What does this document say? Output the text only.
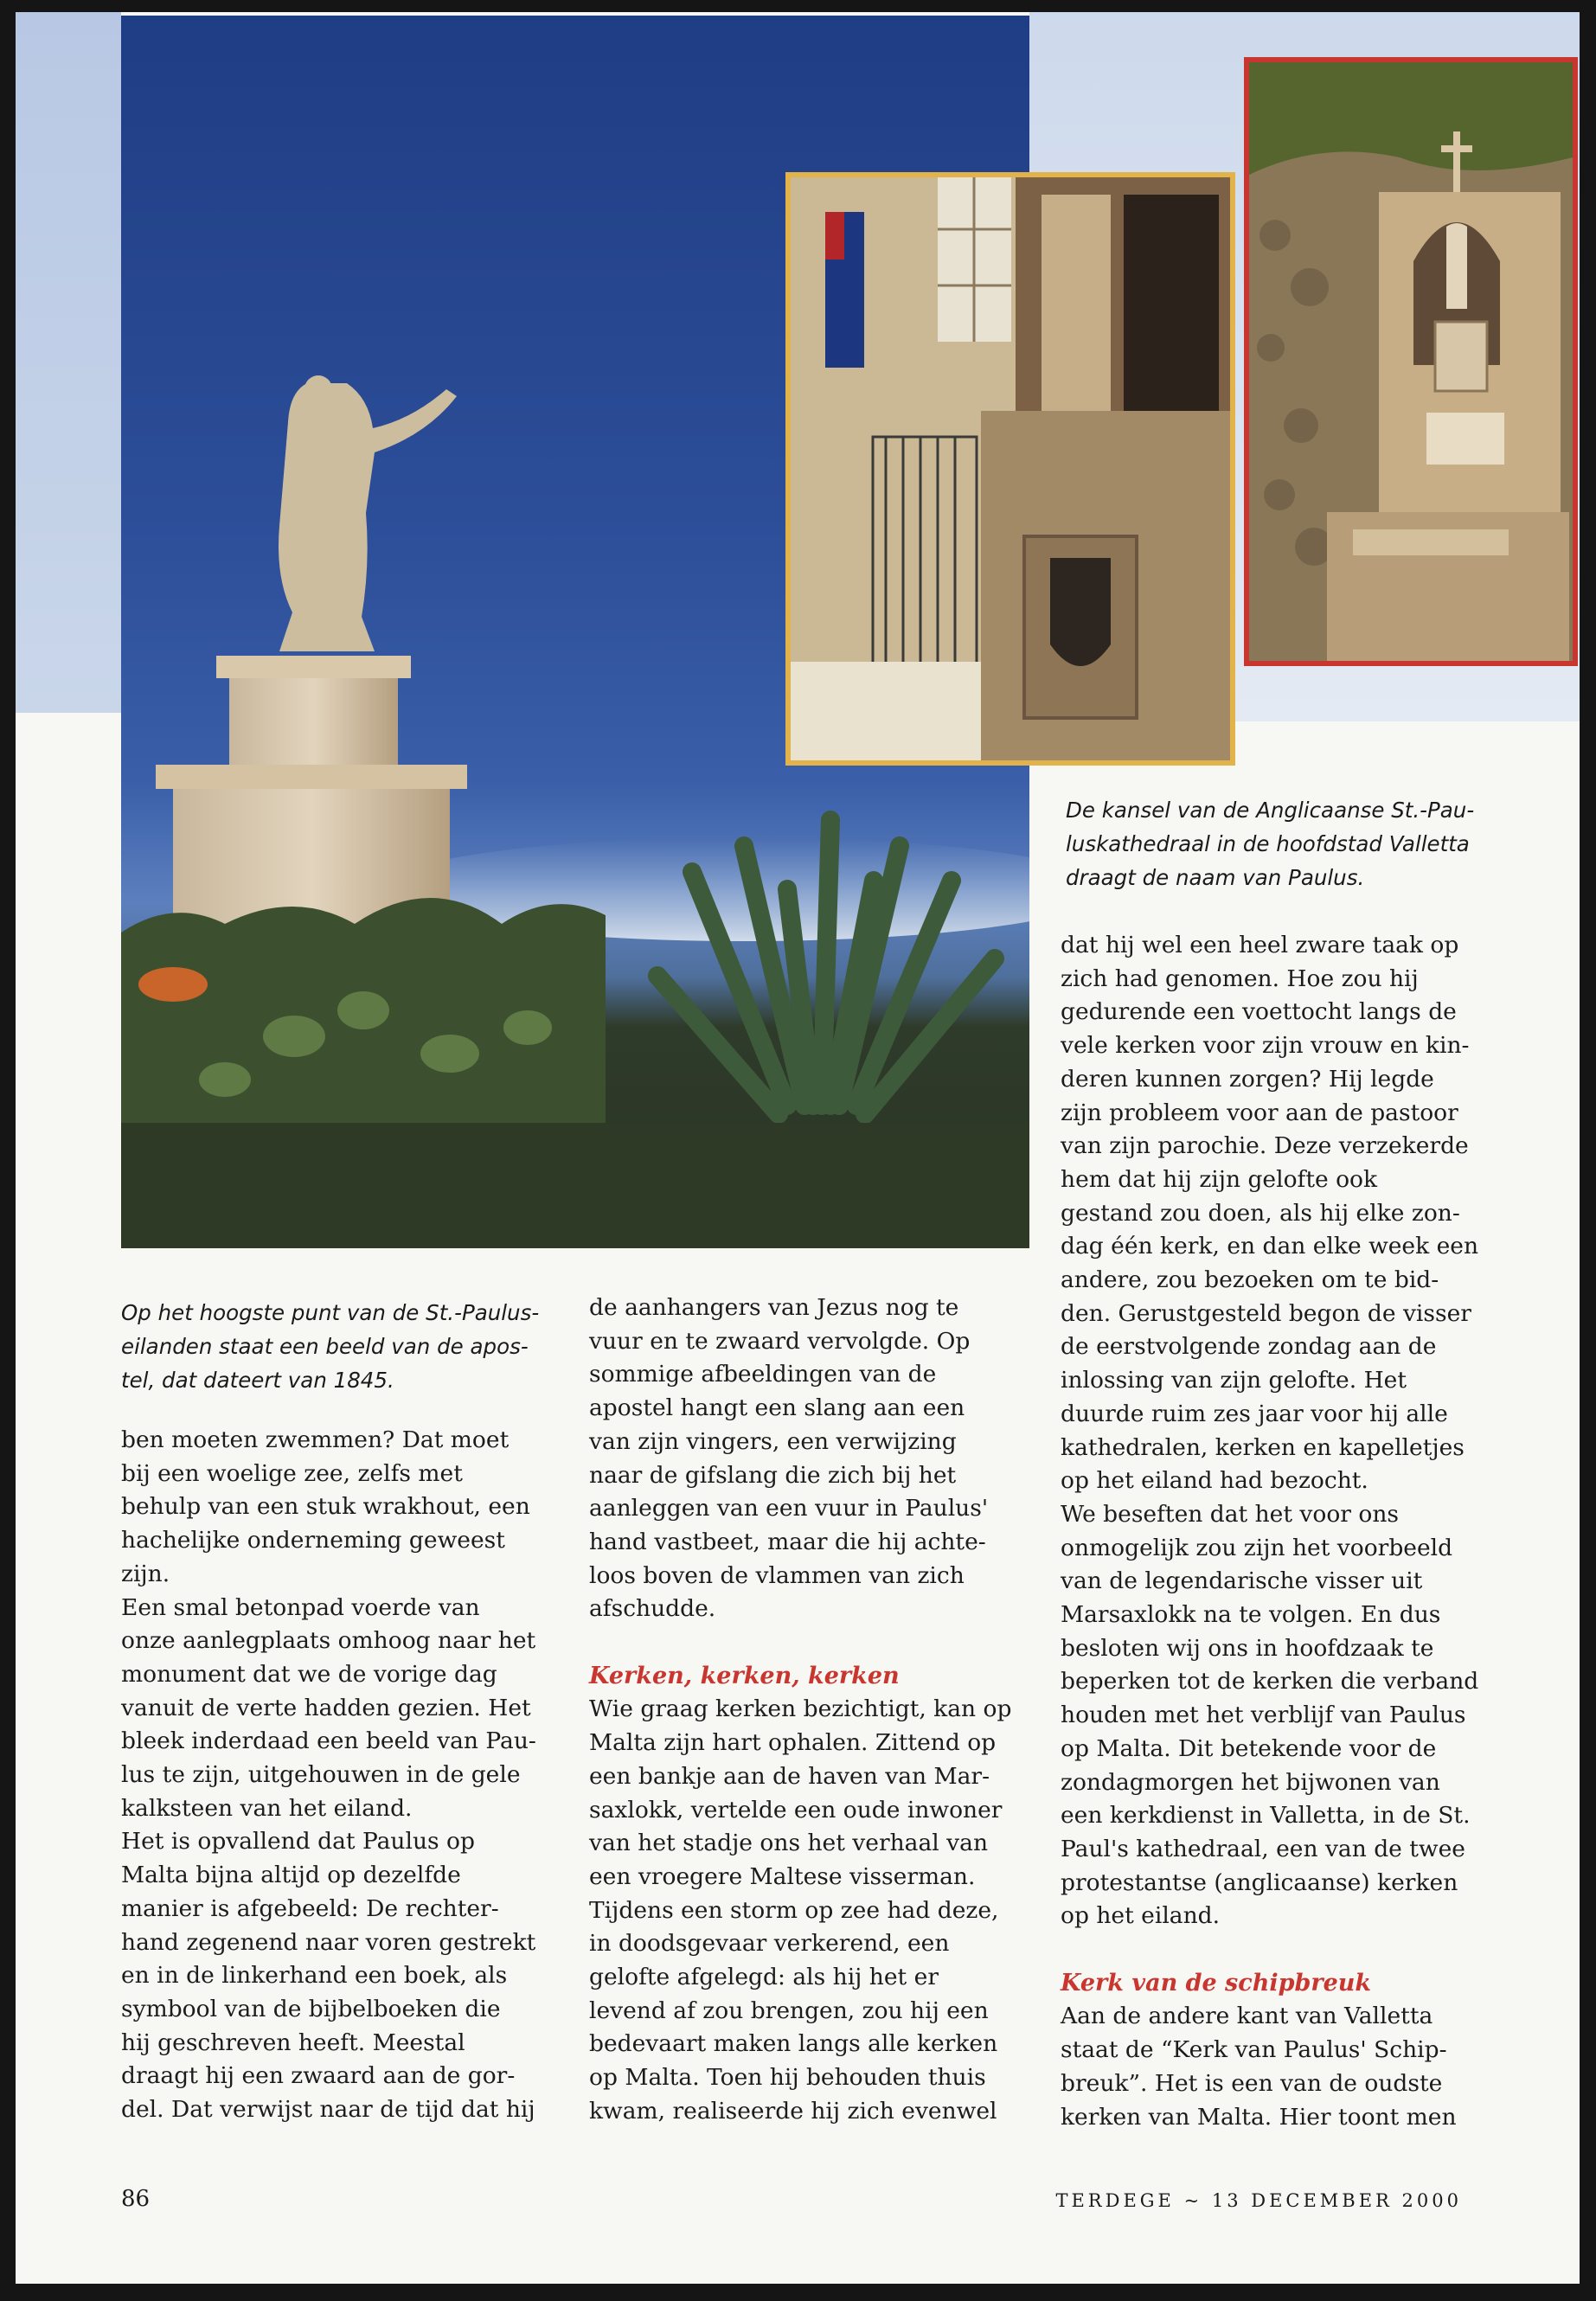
De kansel van de Anglicaanse St.-Pau-
luskathedraal in de hoofdstad Valletta
draagt de naam van Paulus.
Op het hoogste punt van de St.-Paulus-
eilanden staat een beeld van de apos-
tel, dat dateert van 1845.

ben moeten zwemmen? Dat moet

bij een woelige zee, zelfs met

behulp van een stuk wrakhout, een

hachelijke onderneming geweest

zijn.

Een smal betonpad voerde van

onze aanlegplaats omhoog naar het

monument dat we de vorige dag

vanuit de verte hadden gezien. Het

bleek inderdaad een beeld van Pau-

lus te zijn, uitgehouwen in de gele

kalksteen van het eiland.

Het is opvallend dat Paulus op

Malta bijna altijd op dezelfde

manier is afgebeeld: De rechter-

hand zegenend naar voren gestrekt

en in de linkerhand een boek, als

symbool van de bijbelboeken die

hij geschreven heeft. Meestal

draagt hij een zwaard aan de gor-

del. Dat verwijst naar de tijd dat hij

de aanhangers van Jezus nog te

vuur en te zwaard vervolgde. Op

sommige afbeeldingen van de

apostel hangt een slang aan een

van zijn vingers, een verwijzing

naar de gifslang die zich bij het

aanleggen van een vuur in Paulus'

hand vastbeet, maar die hij achte-

loos boven de vlammen van zich

afschudde.

Kerken, kerken, kerken

Wie graag kerken bezichtigt, kan op

Malta zijn hart ophalen. Zittend op

een bankje aan de haven van Mar-

saxlokk, vertelde een oude inwoner

van het stadje ons het verhaal van

een vroegere Maltese visserman.

Tijdens een storm op zee had deze,

in doodsgevaar verkerend, een

gelofte afgelegd: als hij het er

levend af zou brengen, zou hij een

bedevaart maken langs alle kerken

op Malta. Toen hij behouden thuis

kwam, realiseerde hij zich evenwel

dat hij wel een heel zware taak op

zich had genomen. Hoe zou hij

gedurende een voettocht langs de

vele kerken voor zijn vrouw en kin-

deren kunnen zorgen? Hij legde

zijn probleem voor aan de pastoor

van zijn parochie. Deze verzekerde

hem dat hij zijn gelofte ook

gestand zou doen, als hij elke zon-

dag één kerk, en dan elke week een

andere, zou bezoeken om te bid-

den. Gerustgesteld begon de visser

de eerstvolgende zondag aan de

inlossing van zijn gelofte. Het

duurde ruim zes jaar voor hij alle

kathedralen, kerken en kapelletjes

op het eiland had bezocht.

We beseften dat het voor ons

onmogelijk zou zijn het voorbeeld

van de legendarische visser uit

Marsaxlokk na te volgen. En dus

besloten wij ons in hoofdzaak te

beperken tot de kerken die verband

houden met het verblijf van Paulus

op Malta. Dit betekende voor de

zondagmorgen het bijwonen van

een kerkdienst in Valletta, in de St.

Paul's kathedraal, een van de twee

protestantse (anglicaanse) kerken

op het eiland.

Kerk van de schipbreuk

Aan de andere kant van Valletta

staat de “Kerk van Paulus' Schip-

breuk”. Het is een van de oudste

kerken van Malta. Hier toont men

86	TERDEGE ~ 13 DECEMBER 2000
